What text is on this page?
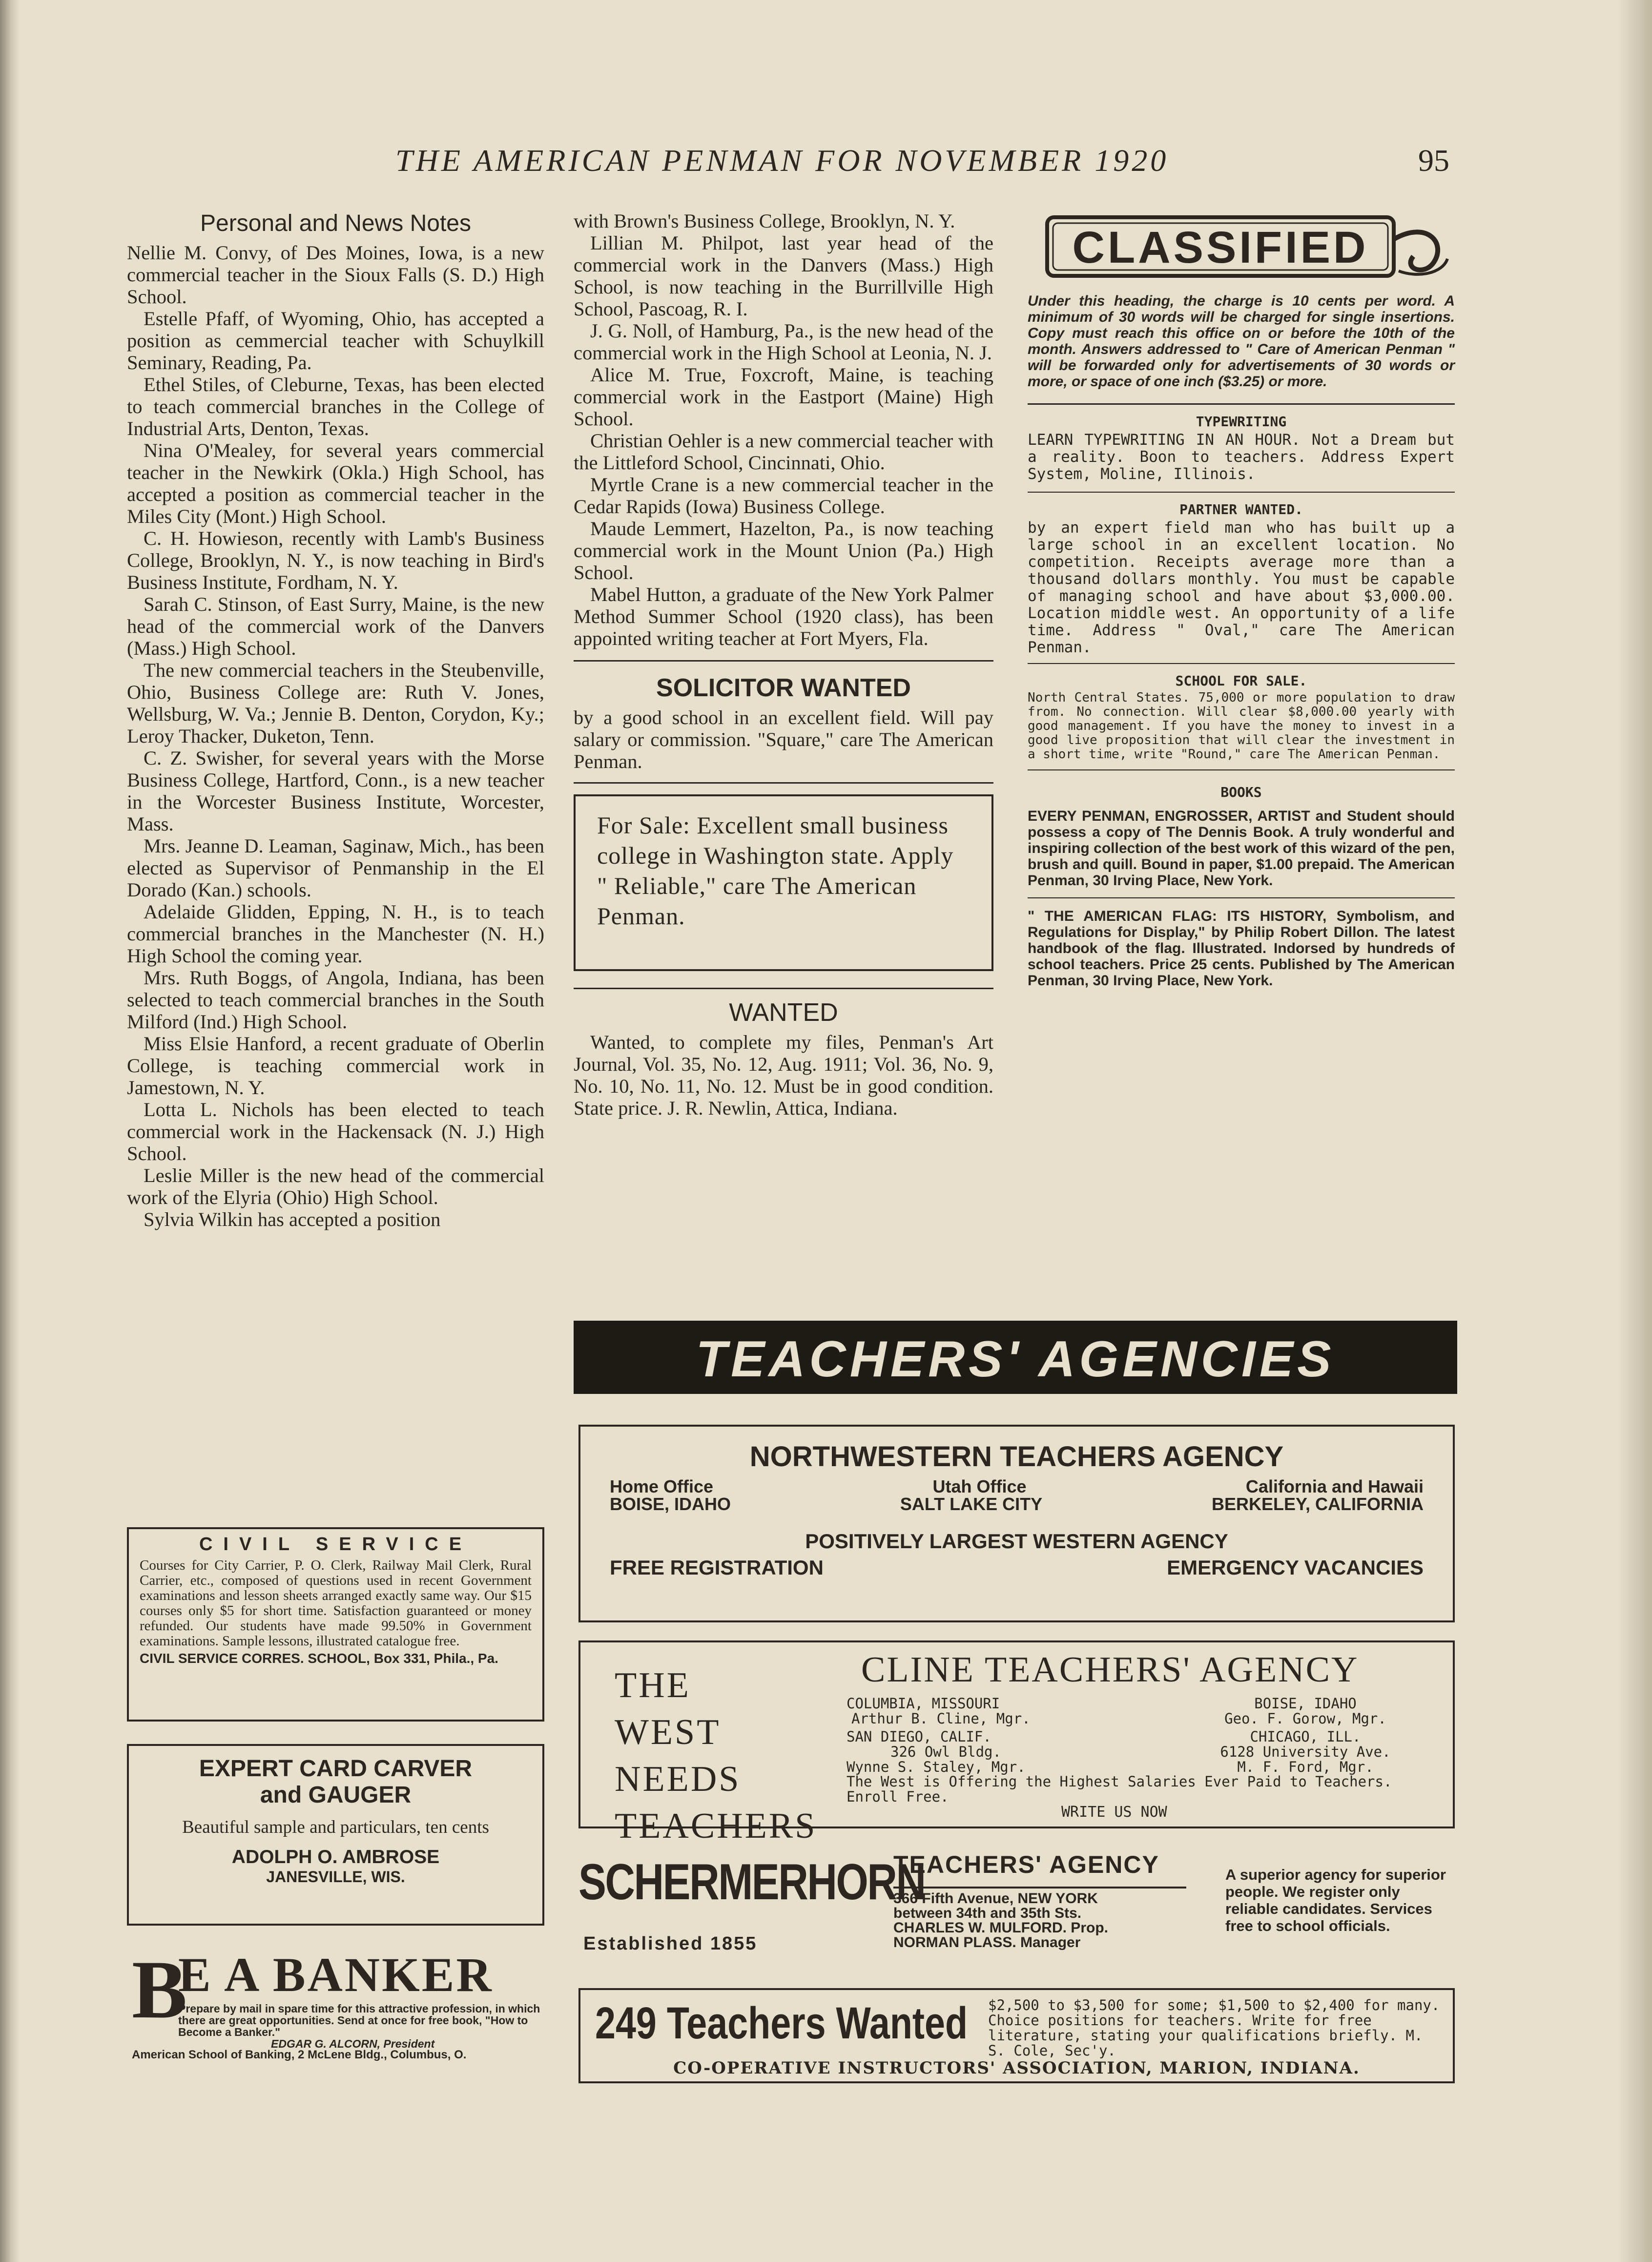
THE AMERICAN PENMAN FOR NOVEMBER 1920	95
Personal and News Notes

Nellie M. Convy, of Des Moines, Iowa, is a new commercial teacher in the Sioux Falls (S. D.) High School.

Estelle Pfaff, of Wyoming, Ohio, has accepted a position as cemmercial teacher with Schuylkill Seminary, Reading, Pa.

Ethel Stiles, of Cleburne, Texas, has been elected to teach commercial branches in the College of Industrial Arts, Denton, Texas.

Nina O'Mealey, for several years commercial teacher in the Newkirk (Okla.) High School, has accepted a position as commercial teacher in the Miles City (Mont.) High School.

C. H. Howieson, recently with Lamb's Business College, Brooklyn, N. Y., is now teaching in Bird's Business Institute, Fordham, N. Y.

Sarah C. Stinson, of East Surry, Maine, is the new head of the commercial work of the Danvers (Mass.) High School.

The new commercial teachers in the Steubenville, Ohio, Business College are: Ruth V. Jones, Wellsburg, W. Va.; Jennie B. Denton, Corydon, Ky.; Leroy Thacker, Duketon, Tenn.

C. Z. Swisher, for several years with the Morse Business College, Hartford, Conn., is a new teacher in the Worcester Business Institute, Worcester, Mass.

Mrs. Jeanne D. Leaman, Saginaw, Mich., has been elected as Supervisor of Penmanship in the El Dorado (Kan.) schools.

Adelaide Glidden, Epping, N. H., is to teach commercial branches in the Manchester (N. H.) High School the coming year.

Mrs. Ruth Boggs, of Angola, Indiana, has been selected to teach commercial branches in the South Milford (Ind.) High School.

Miss Elsie Hanford, a recent graduate of Oberlin College, is teaching commercial work in Jamestown, N. Y.

Lotta L. Nichols has been elected to teach commercial work in the Hackensack (N. J.) High School.

Leslie Miller is the new head of the commercial work of the Elyria (Ohio) High School.

Sylvia Wilkin has accepted a position

CIVIL SERVICE
Courses for City Carrier, P. O. Clerk, Railway Mail Clerk, Rural Carrier, etc., composed of questions used in recent Government examinations and lesson sheets arranged exactly same way. Our $15 courses only $5 for short time. Satisfaction guaranteed or money refunded. Our students have made 99.50% in Government examinations. Sample lessons, illustrated catalogue free.
CIVIL SERVICE CORRES. SCHOOL, Box 331, Phila., Pa.
EXPERT CARD CARVER
and GAUGER
Beautiful sample and particulars, ten cents
ADOLPH O. AMBROSE
JANESVILLE, WIS.
B
E A BANKER
Prepare by mail in spare time for this attractive profession, in which there are great opportunities. Send at once for free book, "How to Become a Banker."
EDGAR G. ALCORN, President
American School of Banking, 2 McLene Bldg., Columbus, O.

with Brown's Business College, Brooklyn, N. Y.

Lillian M. Philpot, last year head of the commercial work in the Danvers (Mass.) High School, is now teaching in the Burrillville High School, Pascoag, R. I.

J. G. Noll, of Hamburg, Pa., is the new head of the commercial work in the High School at Leonia, N. J.

Alice M. True, Foxcroft, Maine, is teaching commercial work in the Eastport (Maine) High School.

Christian Oehler is a new commercial teacher with the Littleford School, Cincinnati, Ohio.

Myrtle Crane is a new commercial teacher in the Cedar Rapids (Iowa) Business College.

Maude Lemmert, Hazelton, Pa., is now teaching commercial work in the Mount Union (Pa.) High School.

Mabel Hutton, a graduate of the New York Palmer Method Summer School (1920 class), has been appointed writing teacher at Fort Myers, Fla.

SOLICITOR WANTED

by a good school in an excellent field. Will pay salary or commission. "Square," care The American Penman.

For Sale: Excellent small business college in Washington state. Apply " Reliable," care The American Penman.
WANTED

Wanted, to complete my files, Penman's Art Journal, Vol. 35, No. 12, Aug. 1911; Vol. 36, No. 9, No. 10, No. 11, No. 12. Must be in good condition. State price. J. R. Newlin, Attica, Indiana.

CLASSIFIED

Under this heading, the charge is 10 cents per word. A minimum of 30 words will be charged for single insertions. Copy must reach this office on or before the 10th of the month. Answers addressed to " Care of American Penman " will be forwarded only for advertisements of 30 words or more, or space of one inch ($3.25) or more.

TYPEWRITING

LEARN TYPEWRITING IN AN HOUR. Not a Dream but a reality. Boon to teachers. Address Expert System, Moline, Illinois.

PARTNER WANTED.

by an expert field man who has built up a large school in an excellent location. No competition. Receipts average more than a thousand dollars monthly. You must be capable of managing school and have about $3,000.00. Location middle west. An opportunity of a life time. Address " Oval," care The American Penman.

SCHOOL FOR SALE.

North Central States. 75,000 or more population to draw from. No connection. Will clear $8,000.00 yearly with good management. If you have the money to invest in a good live proposition that will clear the investment in a short time, write "Round," care The American Penman.

BOOKS

EVERY PENMAN, ENGROSSER, ARTIST and Student should possess a copy of The Dennis Book. A truly wonderful and inspiring collection of the best work of this wizard of the pen, brush and quill. Bound in paper, $1.00 prepaid. The American Penman, 30 Irving Place, New York.

" THE AMERICAN FLAG: ITS HISTORY, Symbolism, and Regulations for Display," by Philip Robert Dillon. The latest handbook of the flag. Illustrated. Indorsed by hundreds of school teachers. Price 25 cents. Published by The American Penman, 30 Irving Place, New York.

TEACHERS' AGENCIES
NORTHWESTERN TEACHERS AGENCY
Home Office	Utah Office	California and Hawaii
BOISE, IDAHO	SALT LAKE CITY	BERKELEY, CALIFORNIA
POSITIVELY LARGEST WESTERN AGENCY
FREE REGISTRATION	EMERGENCY VACANCIES
THE
WEST
NEEDS
TEACHERS
CLINE TEACHERS' AGENCY
COLUMBIA, MISSOURI
Arthur B. Cline, Mgr.
SAN DIEGO, CALIF.
326 Owl Bldg.
Wynne S. Staley, Mgr.
BOISE, IDAHO
Geo. F. Gorow, Mgr.
CHICAGO, ILL.
6128 University Ave.
M. F. Ford, Mgr.
The West is Offering the Highest Salaries Ever Paid to Teachers.
Enroll Free.
WRITE US NOW
SCHERMERHORN
Established 1855
TEACHERS' AGENCY
366 Fifth Avenue, NEW YORK
between 34th and 35th Sts.
CHARLES W. MULFORD. Prop.
NORMAN PLASS. Manager
A superior agency for superior people. We register only reliable candidates. Services free to school officials.
249 Teachers Wanted $2,500 to $3,500 for some; $1,500 to $2,400 for many. Choice positions for teachers. Write for free literature, stating your qualifications briefly. M. S. Cole, Sec'y.
CO-OPERATIVE INSTRUCTORS' ASSOCIATION, MARION, INDIANA.
